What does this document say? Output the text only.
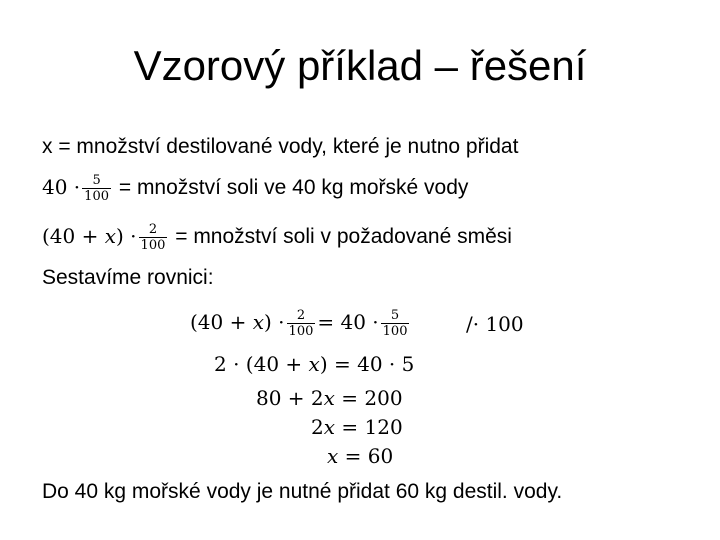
Vzorový příklad – řešení
x = množství destilované vody, které je nutno přidat
$40 \cdot \frac{5}{100}$ = množství soli ve 40 kg mořské vody
$(40 + x) \cdot \frac{2}{100}$ = množství soli v požadované směsi
Sestavíme rovnici:
$(40 + x) \cdot \frac{2}{100} = 40 \cdot \frac{5}{100}$	/· 100
2 · (40 + x) = 40 · 5
80 + 2x = 200
2x = 120
x = 60
Do 40 kg mořské vody je nutné přidat 60 kg destil. vody.
